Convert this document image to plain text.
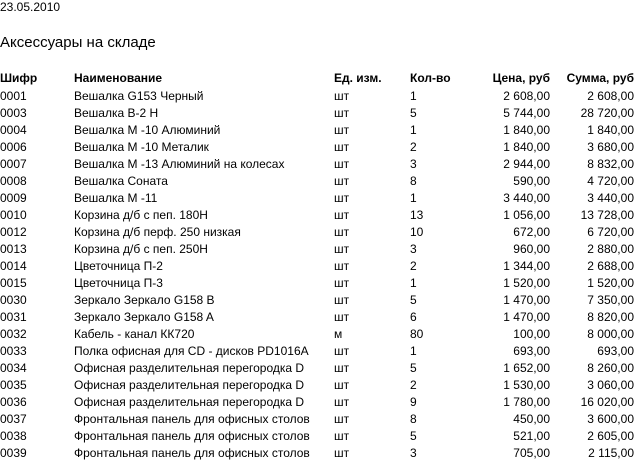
23.05.2010
Аксессуары на складе
Шифр	Наименование	Ед. изм.	Кол-во	Цена, руб	Сумма, руб
0001	Вешалка G153 Черный	шт	1	2 608,00	2 608,00
0003	Вешалка B-2 H	шт	5	5 744,00	28 720,00
0004	Вешалка М -10 Алюминий	шт	1	1 840,00	1 840,00
0006	Вешалка М -10 Металик	шт	2	1 840,00	3 680,00
0007	Вешалка М -13 Алюминий на колесах	шт	3	2 944,00	8 832,00
0008	Вешалка Соната	шт	8	590,00	4 720,00
0009	Вешалка М -11	шт	1	3 440,00	3 440,00
0010	Корзина д/б с пеп. 180Н	шт	13	1 056,00	13 728,00
0012	Корзина д/б перф. 250 низкая	шт	10	672,00	6 720,00
0013	Корзина д/б с пеп. 250Н	шт	3	960,00	2 880,00
0014	Цветочница П-2	шт	2	1 344,00	2 688,00
0015	Цветочница П-3	шт	1	1 520,00	1 520,00
0030	Зеркало Зеркало G158 B	шт	5	1 470,00	7 350,00
0031	Зеркало Зеркало G158 A	шт	6	1 470,00	8 820,00
0032	Кабель - канал КК720	м	80	100,00	8 000,00
0033	Полка офисная для CD - дисков PD1016А	шт	1	693,00	693,00
0034	Офисная разделительная перегородка D	шт	5	1 652,00	8 260,00
0035	Офисная разделительная перегородка D	шт	2	1 530,00	3 060,00
0036	Офисная разделительная перегородка D	шт	9	1 780,00	16 020,00
0037	Фронтальная панель для офисных столов	шт	8	450,00	3 600,00
0038	Фронтальная панель для офисных столов	шт	5	521,00	2 605,00
0039	Фронтальная панель для офисных столов	шт	3	705,00	2 115,00
